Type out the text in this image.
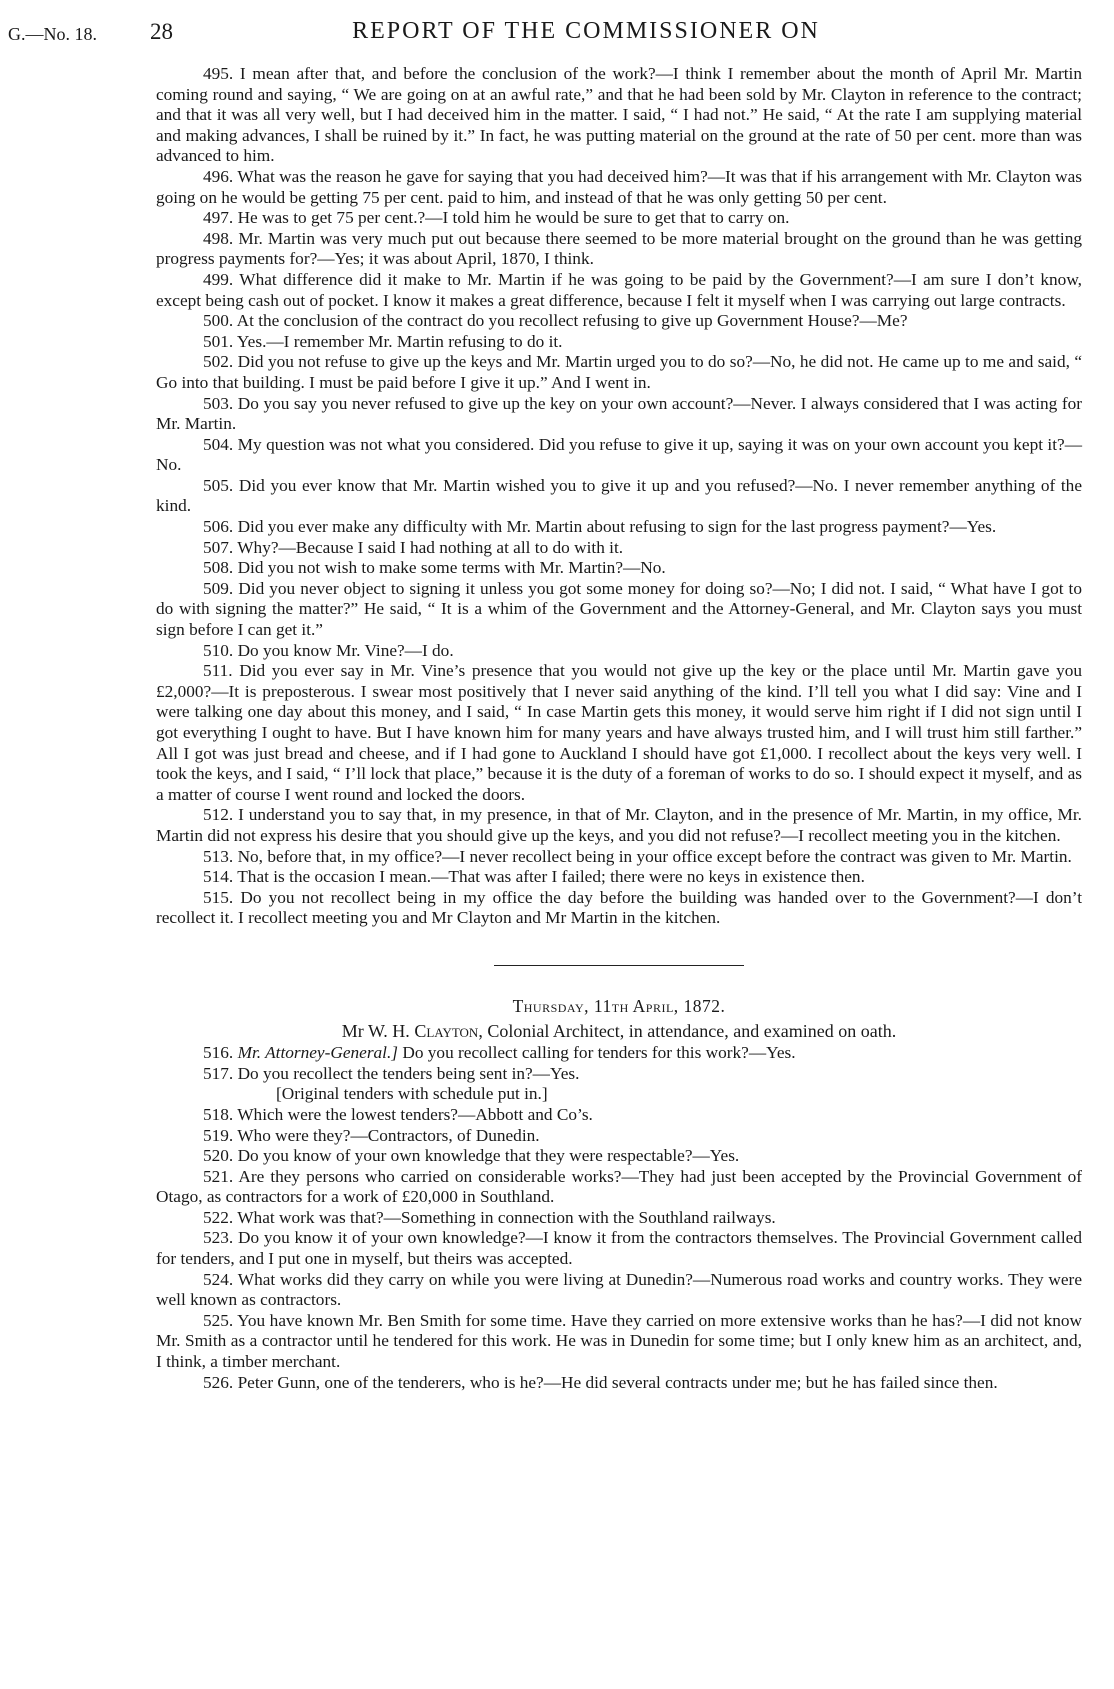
G.—No. 18. 28	REPORT OF THE COMMISSIONER ON

495. I mean after that, and before the conclusion of the work?—I think I remember about the month of April Mr. Martin coming round and saying, “ We are going on at an awful rate,” and that he had been sold by Mr. Clayton in reference to the contract; and that it was all very well, but I had deceived him in the matter. I said, “ I had not.” He said, “ At the rate I am supplying material and making advances, I shall be ruined by it.” In fact, he was putting material on the ground at the rate of 50 per cent. more than was advanced to him.

496. What was the reason he gave for saying that you had deceived him?—It was that if his arrangement with Mr. Clayton was going on he would be getting 75 per cent. paid to him, and instead of that he was only getting 50 per cent.

497. He was to get 75 per cent.?—I told him he would be sure to get that to carry on.

498. Mr. Martin was very much put out because there seemed to be more material brought on the ground than he was getting progress payments for?—Yes; it was about April, 1870, I think.

499. What difference did it make to Mr. Martin if he was going to be paid by the Government?—I am sure I don’t know, except being cash out of pocket. I know it makes a great difference, because I felt it myself when I was carrying out large contracts.

500. At the conclusion of the contract do you recollect refusing to give up Government House?—Me?

501. Yes.—I remember Mr. Martin refusing to do it.

502. Did you not refuse to give up the keys and Mr. Martin urged you to do so?—No, he did not. He came up to me and said, “ Go into that building. I must be paid before I give it up.” And I went in.

503. Do you say you never refused to give up the key on your own account?—Never. I always considered that I was acting for Mr. Martin.

504. My question was not what you considered. Did you refuse to give it up, saying it was on your own account you kept it?—No.

505. Did you ever know that Mr. Martin wished you to give it up and you refused?—No. I never remember anything of the kind.

506. Did you ever make any difficulty with Mr. Martin about refusing to sign for the last progress payment?—Yes.

507. Why?—Because I said I had nothing at all to do with it.

508. Did you not wish to make some terms with Mr. Martin?—No.

509. Did you never object to signing it unless you got some money for doing so?—No; I did not. I said, “ What have I got to do with signing the matter?” He said, “ It is a whim of the Government and the Attorney-General, and Mr. Clayton says you must sign before I can get it.”

510. Do you know Mr. Vine?—I do.

511. Did you ever say in Mr. Vine’s presence that you would not give up the key or the place until Mr. Martin gave you £2,000?—It is preposterous. I swear most positively that I never said anything of the kind. I’ll tell you what I did say: Vine and I were talking one day about this money, and I said, “ In case Martin gets this money, it would serve him right if I did not sign until I got everything I ought to have. But I have known him for many years and have always trusted him, and I will trust him still farther.” All I got was just bread and cheese, and if I had gone to Auckland I should have got £1,000. I recollect about the keys very well. I took the keys, and I said, “ I’ll lock that place,” because it is the duty of a foreman of works to do so. I should expect it myself, and as a matter of course I went round and locked the doors.

512. I understand you to say that, in my presence, in that of Mr. Clayton, and in the presence of Mr. Martin, in my office, Mr. Martin did not express his desire that you should give up the keys, and you did not refuse?—I recollect meeting you in the kitchen.

513. No, before that, in my office?—I never recollect being in your office except before the contract was given to Mr. Martin.

514. That is the occasion I mean.—That was after I failed; there were no keys in existence then.

515. Do you not recollect being in my office the day before the building was handed over to the Government?—I don’t recollect it. I recollect meeting you and Mr Clayton and Mr Martin in the kitchen.

Thursday, 11th April, 1872.
Mr W. H. Clayton, Colonial Architect, in attendance, and examined on oath.

516. Mr. Attorney-General.] Do you recollect calling for tenders for this work?—Yes.

517. Do you recollect the tenders being sent in?—Yes.

[Original tenders with schedule put in.]

518. Which were the lowest tenders?—Abbott and Co’s.

519. Who were they?—Contractors, of Dunedin.

520. Do you know of your own knowledge that they were respectable?—Yes.

521. Are they persons who carried on considerable works?—They had just been accepted by the Provincial Government of Otago, as contractors for a work of £20,000 in Southland.

522. What work was that?—Something in connection with the Southland railways.

523. Do you know it of your own knowledge?—I know it from the contractors themselves. The Provincial Government called for tenders, and I put one in myself, but theirs was accepted.

524. What works did they carry on while you were living at Dunedin?—Numerous road works and country works. They were well known as contractors.

525. You have known Mr. Ben Smith for some time. Have they carried on more extensive works than he has?—I did not know Mr. Smith as a contractor until he tendered for this work. He was in Dunedin for some time; but I only knew him as an architect, and, I think, a timber merchant.

526. Peter Gunn, one of the tenderers, who is he?—He did several contracts under me; but he has failed since then.
